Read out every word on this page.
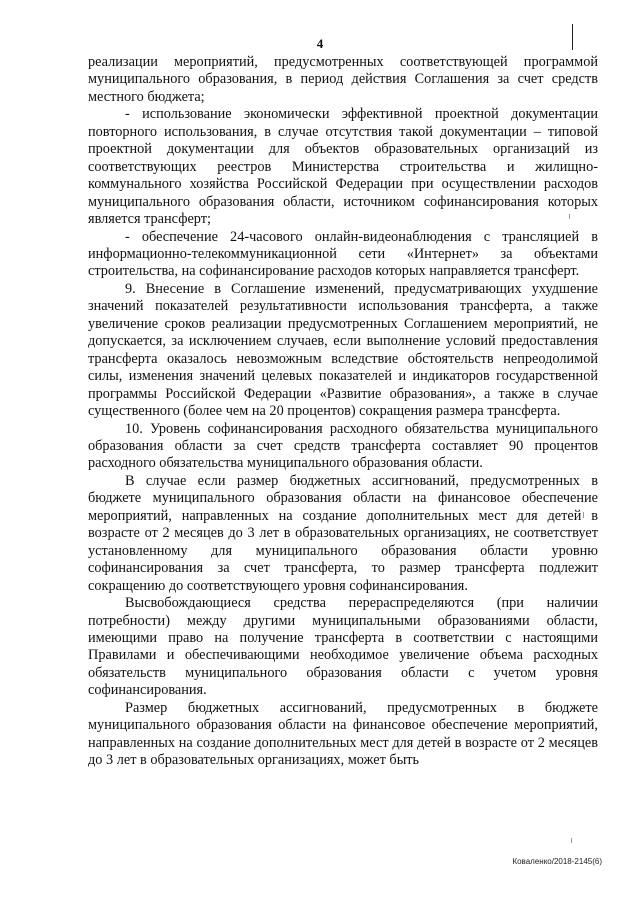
4

реализации мероприятий, предусмотренных соответствующей программой муниципального образования, в период действия Соглашения за счет средств местного бюджета;

- использование экономически эффективной проектной документации повторного использования, в случае отсутствия такой документации – типовой проектной документации для объектов образовательных организаций из соответствующих реестров Министерства строительства и жилищно-коммунального хозяйства Российской Федерации при осуществлении расходов муниципального образования области, источником софинансирования которых является трансферт;

- обеспечение 24-часового онлайн-видеонаблюдения с трансляцией в информационно-телекоммуникационной сети «Интернет» за объектами строительства, на софинансирование расходов которых направляется трансферт.

9. Внесение в Соглашение изменений, предусматривающих ухудшение значений показателей результативности использования трансферта, а также увеличение сроков реализации предусмотренных Соглашением мероприятий, не допускается, за исключением случаев, если выполнение условий предоставления трансферта оказалось невозможным вследствие обстоятельств непреодолимой силы, изменения значений целевых показателей и индикаторов государственной программы Российской Федерации «Развитие образования», а также в случае существенного (более чем на 20 процентов) сокращения размера трансферта.

10. Уровень софинансирования расходного обязательства муниципального образования области за счет средств трансферта составляет 90 процентов расходного обязательства муниципального образования области.

В случае если размер бюджетных ассигнований, предусмотренных в бюджете муниципального образования области на финансовое обеспечение мероприятий, направленных на создание дополнительных мест для детей в возрасте от 2 месяцев до 3 лет в образовательных организациях, не соответствует установленному для муниципального образования области уровню софинансирования за счет трансферта, то размер трансферта подлежит сокращению до соответствующего уровня софинансирования.

Высвобождающиеся средства перераспределяются (при наличии потребности) между другими муниципальными образованиями области, имеющими право на получение трансферта в соответствии с настоящими Правилами и обеспечивающими необходимое увеличение объема расходных обязательств муниципального образования области с учетом уровня софинансирования.

Размер бюджетных ассигнований, предусмотренных в бюджете муниципального образования области на финансовое обеспечение мероприятий, направленных на создание дополнительных мест для детей в возрасте от 2 месяцев до 3 лет в образовательных организациях, может быть

Коваленко/2018-2145(6)
